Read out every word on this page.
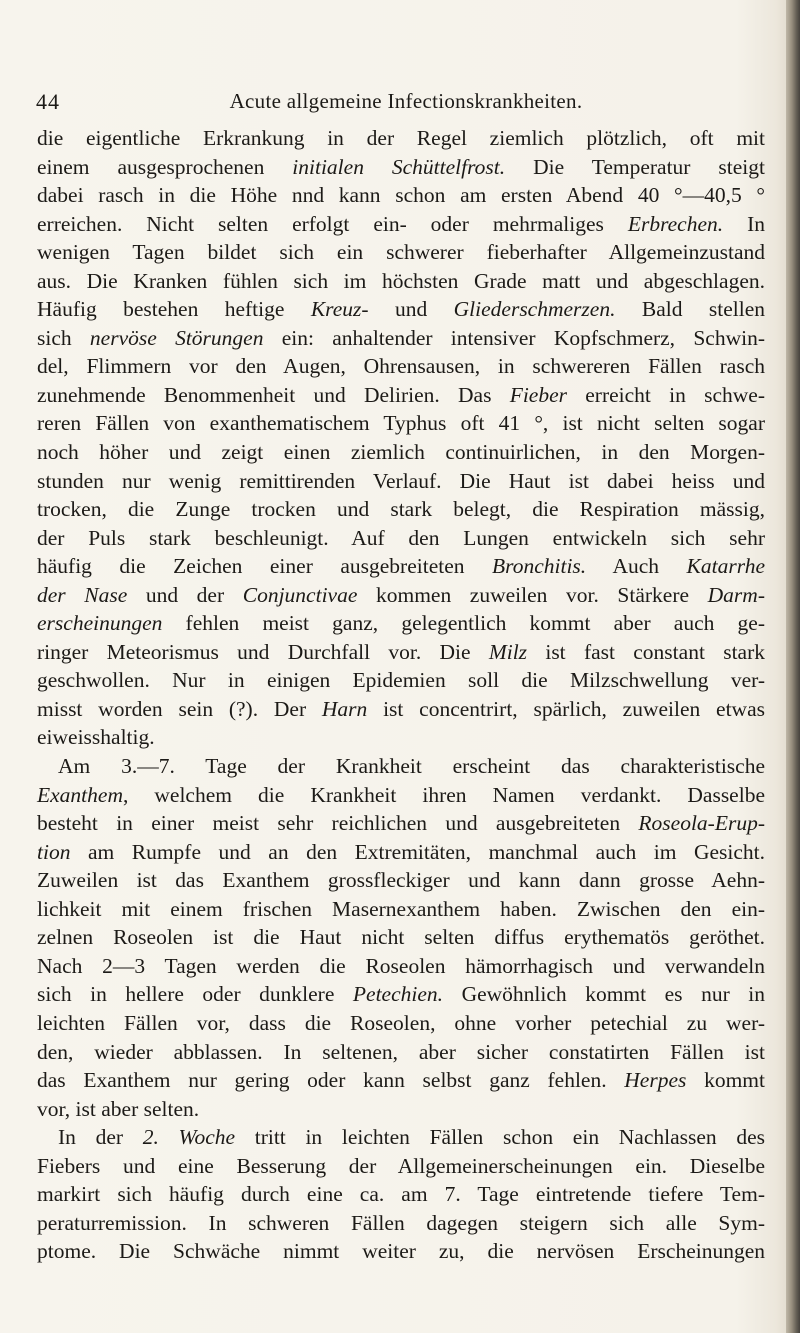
44	Acute allgemeine Infectionskrankheiten.
die eigentliche Erkrankung in der Regel ziemlich plötzlich, oft mit
einem ausgesprochenen initialen Schüttelfrost. Die Temperatur steigt
dabei rasch in die Höhe nnd kann schon am ersten Abend 40 °—40,5 °
erreichen. Nicht selten erfolgt ein- oder mehrmaliges Erbrechen. In
wenigen Tagen bildet sich ein schwerer fieberhafter Allgemeinzustand
aus. Die Kranken fühlen sich im höchsten Grade matt und abgeschlagen.
Häufig bestehen heftige Kreuz- und Gliederschmerzen. Bald stellen
sich nervöse Störungen ein: anhaltender intensiver Kopfschmerz, Schwin-
del, Flimmern vor den Augen, Ohrensausen, in schwereren Fällen rasch
zunehmende Benommenheit und Delirien. Das Fieber erreicht in schwe-
reren Fällen von exanthematischem Typhus oft 41 °, ist nicht selten sogar
noch höher und zeigt einen ziemlich continuirlichen, in den Morgen-
stunden nur wenig remittirenden Verlauf. Die Haut ist dabei heiss und
trocken, die Zunge trocken und stark belegt, die Respiration mässig,
der Puls stark beschleunigt. Auf den Lungen entwickeln sich sehr
häufig die Zeichen einer ausgebreiteten Bronchitis. Auch Katarrhe
der Nase und der Conjunctivae kommen zuweilen vor. Stärkere Darm-
erscheinungen fehlen meist ganz, gelegentlich kommt aber auch ge-
ringer Meteorismus und Durchfall vor. Die Milz ist fast constant stark
geschwollen. Nur in einigen Epidemien soll die Milzschwellung ver-
misst worden sein (?). Der Harn ist concentrirt, spärlich, zuweilen etwas
eiweisshaltig.
Am 3.—7. Tage der Krankheit erscheint das charakteristische
Exanthem, welchem die Krankheit ihren Namen verdankt. Dasselbe
besteht in einer meist sehr reichlichen und ausgebreiteten Roseola-Erup-
tion am Rumpfe und an den Extremitäten, manchmal auch im Gesicht.
Zuweilen ist das Exanthem grossfleckiger und kann dann grosse Aehn-
lichkeit mit einem frischen Masernexanthem haben. Zwischen den ein-
zelnen Roseolen ist die Haut nicht selten diffus erythematös geröthet.
Nach 2—3 Tagen werden die Roseolen hämorrhagisch und verwandeln
sich in hellere oder dunklere Petechien. Gewöhnlich kommt es nur in
leichten Fällen vor, dass die Roseolen, ohne vorher petechial zu wer-
den, wieder abblassen. In seltenen, aber sicher constatirten Fällen ist
das Exanthem nur gering oder kann selbst ganz fehlen. Herpes kommt
vor, ist aber selten.
In der 2. Woche tritt in leichten Fällen schon ein Nachlassen des
Fiebers und eine Besserung der Allgemeinerscheinungen ein. Dieselbe
markirt sich häufig durch eine ca. am 7. Tage eintretende tiefere Tem-
peraturremission. In schweren Fällen dagegen steigern sich alle Sym-
ptome. Die Schwäche nimmt weiter zu, die nervösen Erscheinungen
